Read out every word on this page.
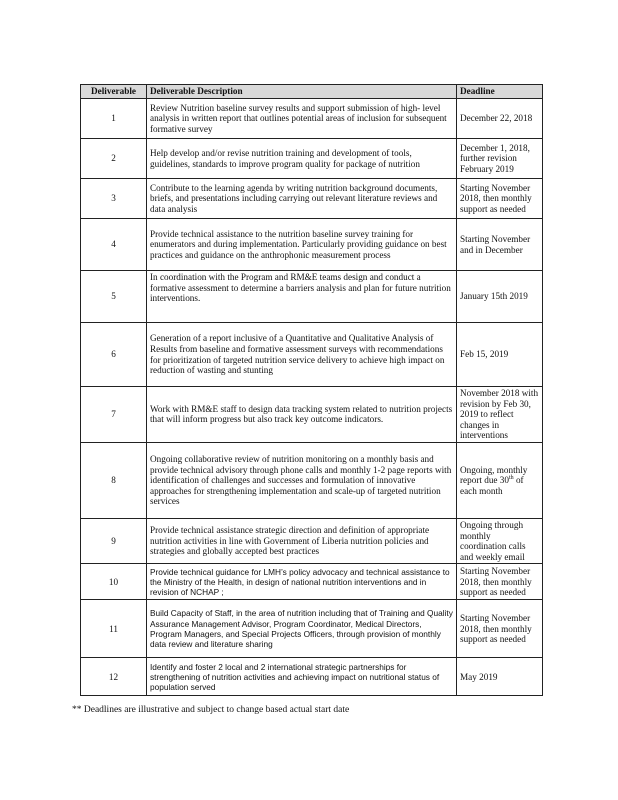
Deliverable	Deliverable Description	Deadline
1	Review Nutrition baseline survey results and support submission of high- level analysis in written report that outlines potential areas of inclusion for subsequent formative survey	December 22, 2018
2	Help develop and/or revise nutrition training and development of tools, guidelines, standards to improve program quality for package of nutrition	December 1, 2018, further revision February 2019
3	Contribute to the learning agenda by writing nutrition background documents, briefs, and presentations including carrying out relevant literature reviews and data analysis	Starting November 2018, then monthly support as needed
4	Provide technical assistance to the nutrition baseline survey training for enumerators and during implementation. Particularly providing guidance on best practices and guidance on the anthrophonic measurement process	Starting November and in December
5	In coordination with the Program and RM&E teams design and conduct a formative assessment to determine a barriers analysis and plan for future nutrition interventions.	January 15th 2019
6	Generation of a report inclusive of a Quantitative and Qualitative Analysis of Results from baseline and formative assessment surveys with recommendations for prioritization of targeted nutrition service delivery to achieve high impact on reduction of wasting and stunting	Feb 15, 2019
7	Work with RM&E staff to design data tracking system related to nutrition projects that will inform progress but also track key outcome indicators.	November 2018 with revision by Feb 30, 2019 to reflect changes in interventions
8	Ongoing collaborative review of nutrition monitoring on a monthly basis and provide technical advisory through phone calls and monthly 1-2 page reports with identification of challenges and successes and formulation of innovative approaches for strengthening implementation and scale-up of targeted nutrition services	Ongoing, monthly report due 30th of each month
9	Provide technical assistance strategic direction and definition of appropriate nutrition activities in line with Government of Liberia nutrition policies and strategies and globally accepted best practices	Ongoing through monthly coordination calls and weekly email
10	Provide technical guidance for LMH’s policy advocacy and technical assistance to the Ministry of the Health, in design of national nutrition interventions and in revision of NCHAP ;	Starting November 2018, then monthly support as needed
11	Build Capacity of Staff, in the area of nutrition including that of Training and Quality Assurance Management Advisor, Program Coordinator, Medical Directors, Program Managers, and Special Projects Officers, through provision of monthly data review and literature sharing	Starting November 2018, then monthly support as needed
12	Identify and foster 2 local and 2 international strategic partnerships for strengthening of nutrition activities and achieving impact on nutritional status of population served	May 2019
** Deadlines are illustrative and subject to change based actual start date
